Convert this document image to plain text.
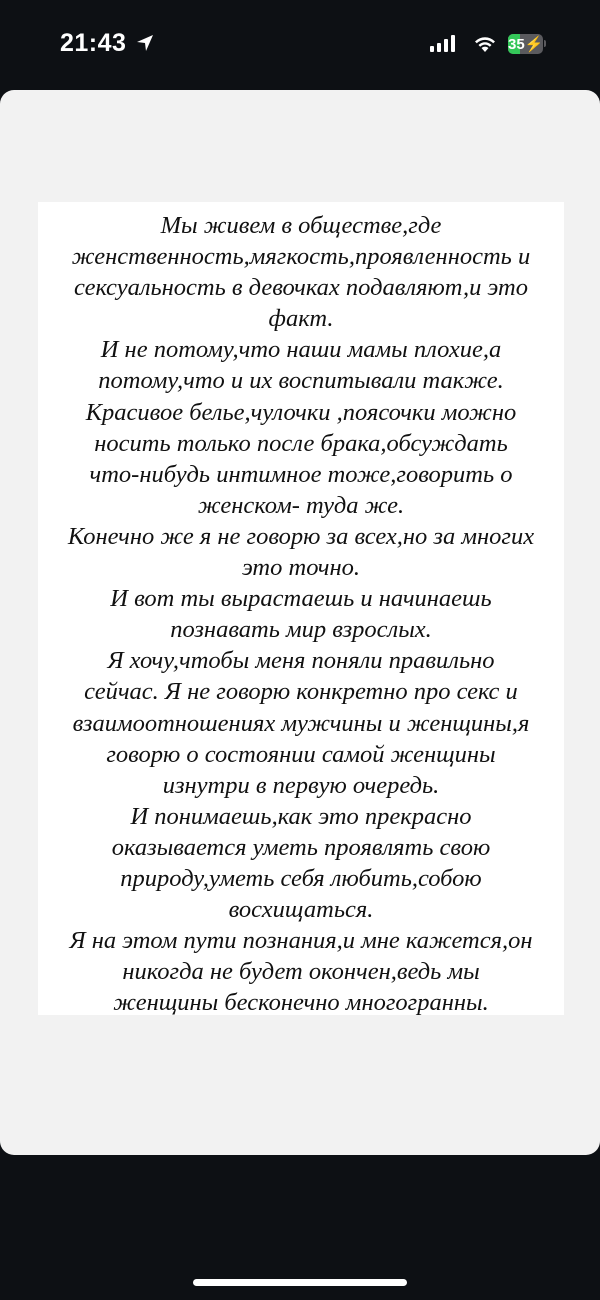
21:43	35⚡
Мы живем в обществе,где
женственность,мягкость,проявленность и
сексуальность в девочках подавляют,и это
факт.
И не потому,что наши мамы плохие,а
потому,что и их воспитывали также.
Красивое белье,чулочки ,поясочки можно
носить только после брака,обсуждать
что-нибудь интимное тоже,говорить о
женском- туда же.
Конечно же я не говорю за всех,но за многих
это точно.
И вот ты вырастаешь и начинаешь
познавать мир взрослых.
Я хочу,чтобы меня поняли правильно
сейчас. Я не говорю конкретно про секс и
взаимоотношениях мужчины и женщины,я
говорю о состоянии самой женщины
изнутри в первую очередь.
И понимаешь,как это прекрасно
оказывается уметь проявлять свою
природу,уметь себя любить,собою
восхищаться.
Я на этом пути познания,и мне кажется,он
никогда не будет окончен,ведь мы
женщины бесконечно многогранны.
